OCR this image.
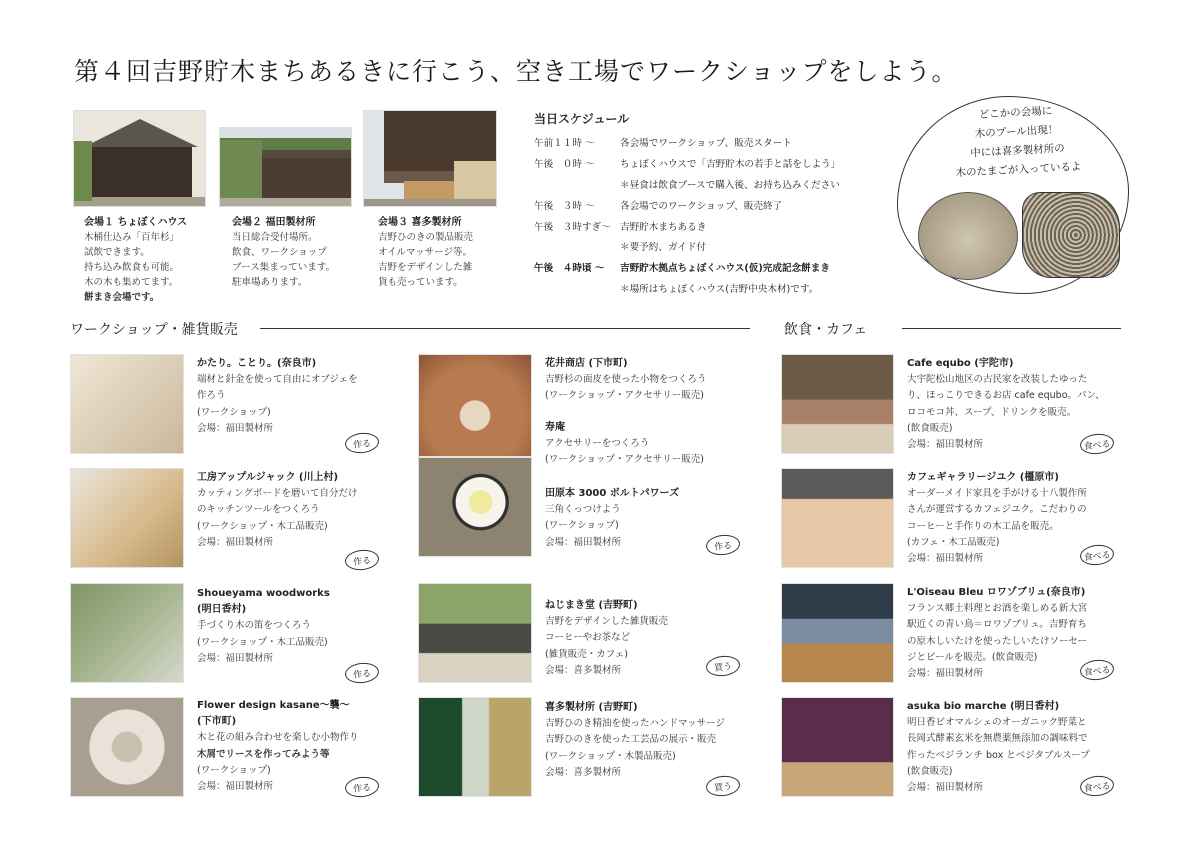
第４回吉野貯木まちあるきに行こう、空き工場でワークショップをしよう。
会場１ ちょぼくハウス
木桶仕込み「百年杉」
試飲できます。
持ち込み飲食も可能。
木の木も集めてます。
餅まき会場です。
会場２ 福田製材所
当日総合受付場所。
飲食、ワークショップ
ブース集まっています。
駐車場あります。
会場３ 喜多製材所
吉野ひのきの製品販売
オイルマッサージ等。
吉野をデザインした雑
貨も売っています。
当日スケジュール
午前１１時 〜	各会場でワークショップ、販売スタート
午後　０時 〜	ちょぼくハウスで「吉野貯木の若手と話をしよう」
＊昼食は飲食ブースで購入後、お持ち込みください
午後　３時 〜	各会場でのワークショップ、販売終了
午後　３時すぎ〜 吉野貯木まちあるき
＊要予約、ガイド付
午後　４時頃 〜	吉野貯木拠点ちょぼくハウス(仮)完成記念餅まき
＊場所はちょぼくハウス(吉野中央木材)です。
どこかの会場に
木のプール出現！
中には喜多製材所の
木のたまごが入っているよ
ワークショップ・雑貨販売	飲食・カフェ
かたり。ことり。(奈良市)
端材と針金を使って自由にオブジェを
作ろう
(ワークショップ)
会場：福田製材所
作る
工房アップルジャック (川上村)
カッティングボードを磨いて自分だけ
のキッチンツールをつくろう
(ワークショップ・木工品販売)
会場：福田製材所
作る
Shoueyama woodworks
(明日香村)
手づくり木の笛をつくろう
(ワークショップ・木工品販売)
会場：福田製材所
作る
Flower design kasane〜襲〜
(下市町)
木と花の組み合わせを楽しむ小物作り
木屑でリースを作ってみよう等
(ワークショップ)
会場：福田製材所	作る
花井商店 (下市町)
吉野杉の面皮を使った小物をつくろう
(ワークショップ・アクセサリー販売)
寿庵
アクセサリーをつくろう
(ワークショップ・アクセサリー販売)
田原本 3000 ボルトパワーズ
三角くっつけよう
(ワークショップ)
会場：福田製材所	作る
ねじまき堂 (吉野町)
吉野をデザインした雑貨販売
コーヒーやお茶など
(雑貨販売・カフェ)
会場：喜多製材所	買う
喜多製材所 (吉野町)
吉野ひのき精油を使ったハンドマッサージ
吉野ひのきを使った工芸品の展示・販売
(ワークショップ・木製品販売)
会場：喜多製材所
買う
Cafe equbo (宇陀市)
大宇陀松山地区の古民家を改装したゆった
り、ほっこりできるお店 cafe equbo。パン、
ロコモコ丼、スープ、ドリンクを販売。
(飲食販売)
会場：福田製材所	食べる
カフェギャラリージユク (橿原市)
オーダーメイド家具を手がける十八製作所
さんが運営するカフェジユク。こだわりの
コーヒーと手作りの木工品を販売。
(カフェ・木工品販売)
会場：福田製材所	食べる
L'Oiseau Bleu ロワゾブリュ(奈良市)
フランス郷土料理とお酒を楽しめる新大宮
駅近くの青い鳥＝ロワゾブリュ。吉野育ち
の原木しいたけを使ったしいたけソーセー
ジとビールを販売。(飲食販売)
会場：福田製材所	食べる
asuka bio marche (明日香村)
明日香ビオマルシェのオーガニック野菜と
長岡式酵素玄米を無農薬無添加の調味料で
作ったベジランチ box とベジタブルスープ
(飲食販売)
会場：福田製材所	食べる
